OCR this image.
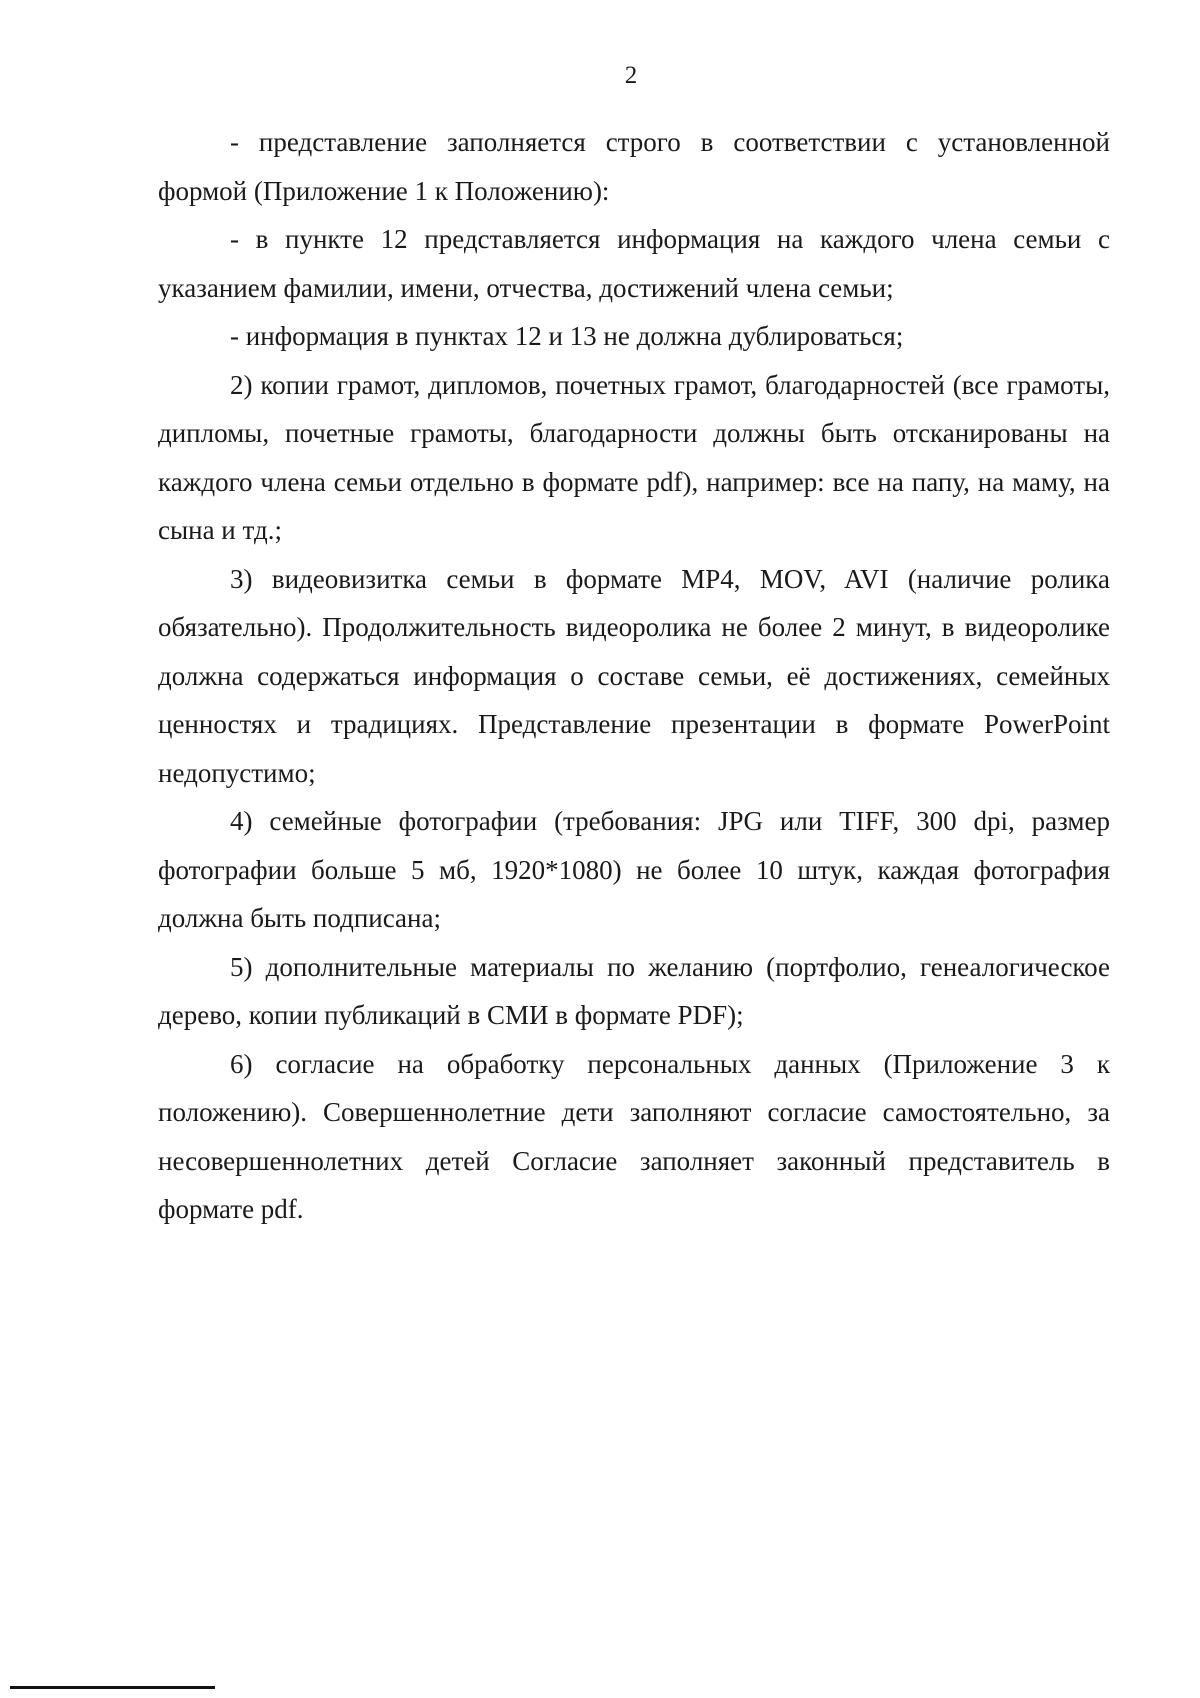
2

- представление заполняется строго в соответствии с установленной формой (Приложение 1 к Положению):

- в пункте 12 представляется информация на каждого члена семьи с указанием фамилии, имени, отчества, достижений члена семьи;

- информация в пунктах 12 и 13 не должна дублироваться;

2) копии грамот, дипломов, почетных грамот, благодарностей (все грамоты, дипломы, почетные грамоты, благодарности должны быть отсканированы на каждого члена семьи отдельно в формате pdf), например: все на папу, на маму, на сына и тд.;

3) видеовизитка семьи в формате MP4, MOV, AVI (наличие ролика обязательно). Продолжительность видеоролика не более 2 минут, в видеоролике должна содержаться информация о составе семьи, её достижениях, семейных ценностях и традициях. Представление презентации в формате PowerPoint недопустимо;

4) семейные фотографии (требования: JPG или TIFF, 300 dpi, размер фотографии больше 5 мб, 1920*1080) не более 10 штук, каждая фотография должна быть подписана;

5) дополнительные материалы по желанию (портфолио, генеалогическое дерево, копии публикаций в СМИ в формате PDF);

6) согласие на обработку персональных данных (Приложение 3 к положению). Совершеннолетние дети заполняют согласие самостоятельно, за несовершеннолетних детей Согласие заполняет законный представитель в формате pdf.
